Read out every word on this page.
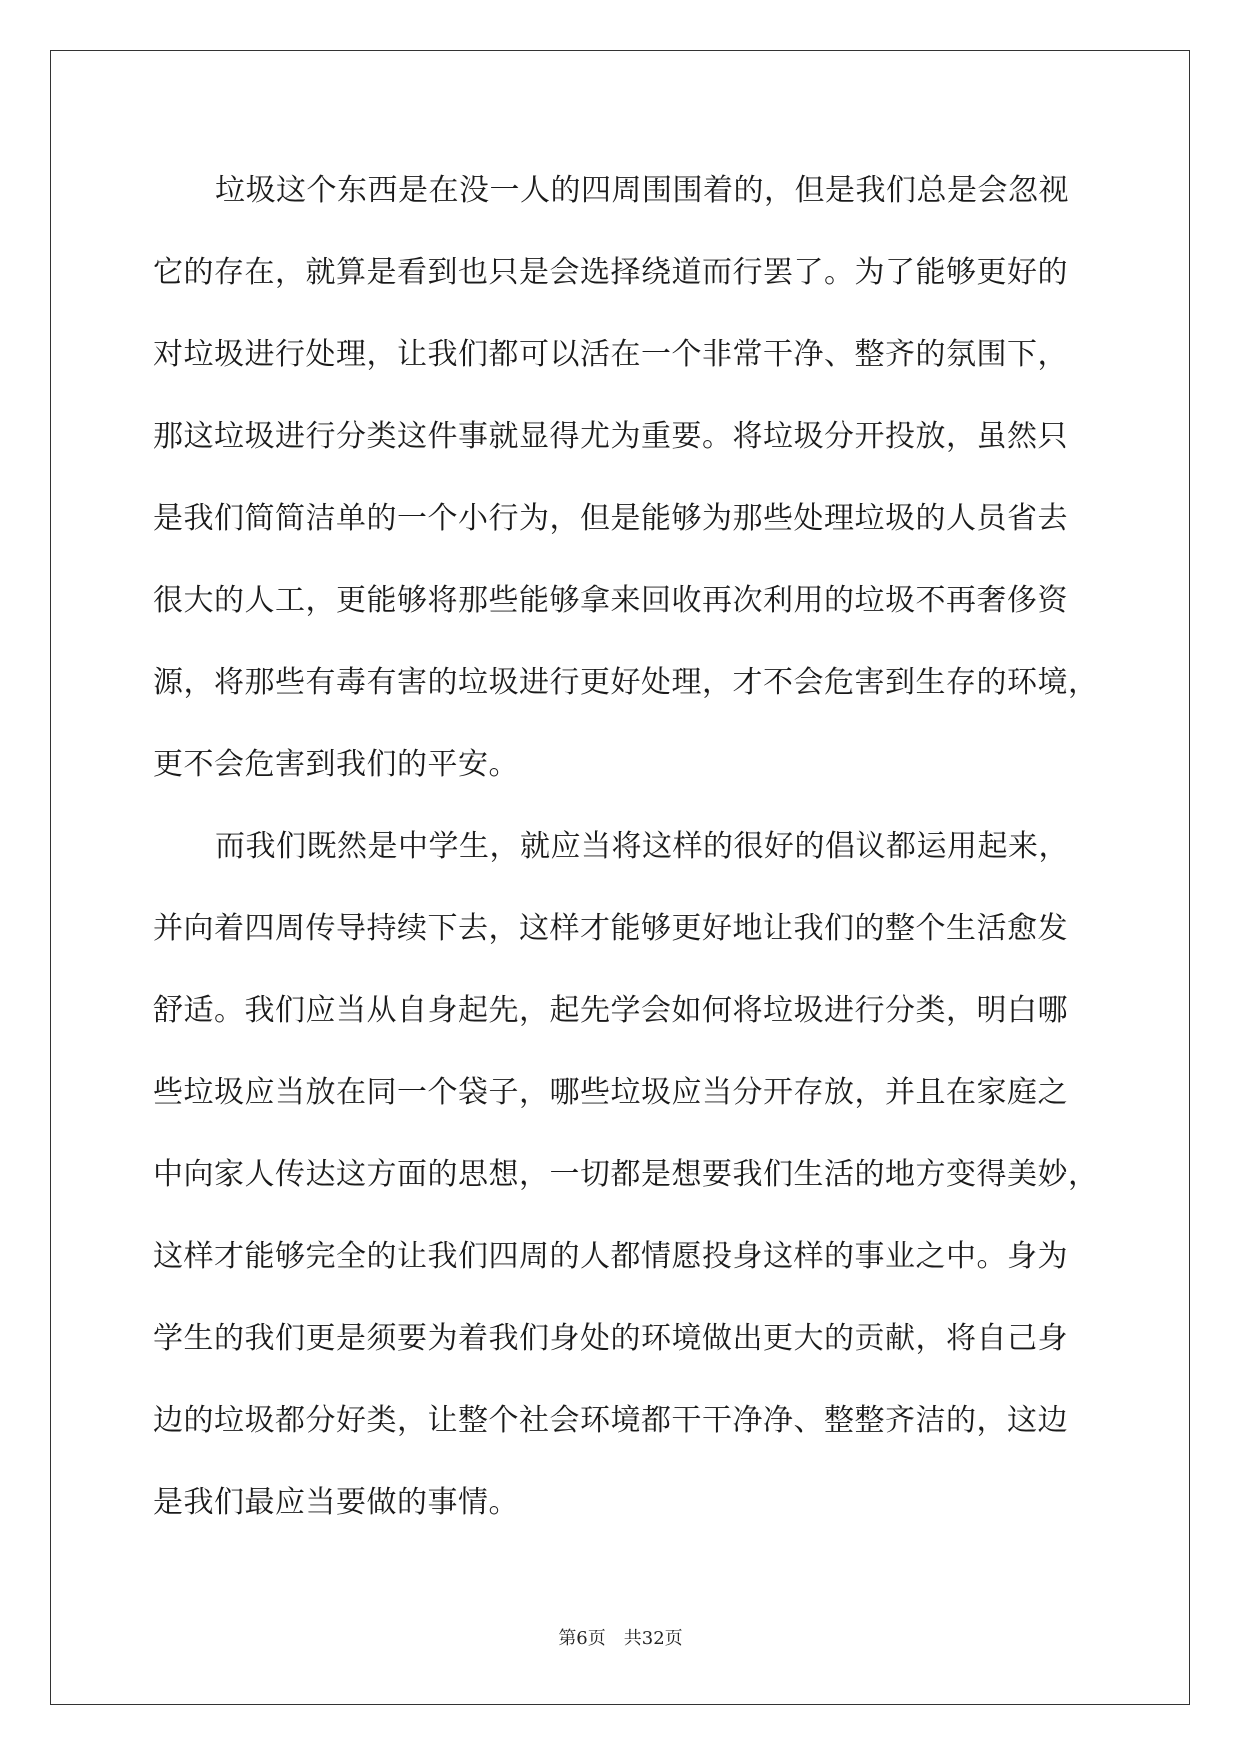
垃圾这个东西是在没一人的四周围围着的，但是我们总是会忽视
它的存在，就算是看到也只是会选择绕道而行罢了。为了能够更好的
对垃圾进行处理，让我们都可以活在一个非常干净、整齐的氛围下，
那这垃圾进行分类这件事就显得尤为重要。将垃圾分开投放，虽然只
是我们简简洁单的一个小行为，但是能够为那些处理垃圾的人员省去
很大的人工，更能够将那些能够拿来回收再次利用的垃圾不再奢侈资
源，将那些有毒有害的垃圾进行更好处理，才不会危害到生存的环境，
更不会危害到我们的平安。

而我们既然是中学生，就应当将这样的很好的倡议都运用起来，
并向着四周传导持续下去，这样才能够更好地让我们的整个生活愈发
舒适。我们应当从自身起先，起先学会如何将垃圾进行分类，明白哪
些垃圾应当放在同一个袋子，哪些垃圾应当分开存放，并且在家庭之
中向家人传达这方面的思想，一切都是想要我们生活的地方变得美妙，
这样才能够完全的让我们四周的人都情愿投身这样的事业之中。身为
学生的我们更是须要为着我们身处的环境做出更大的贡献，将自己身
边的垃圾都分好类，让整个社会环境都干干净净、整整齐洁的，这边
是我们最应当要做的事情。

第6页　共32页
